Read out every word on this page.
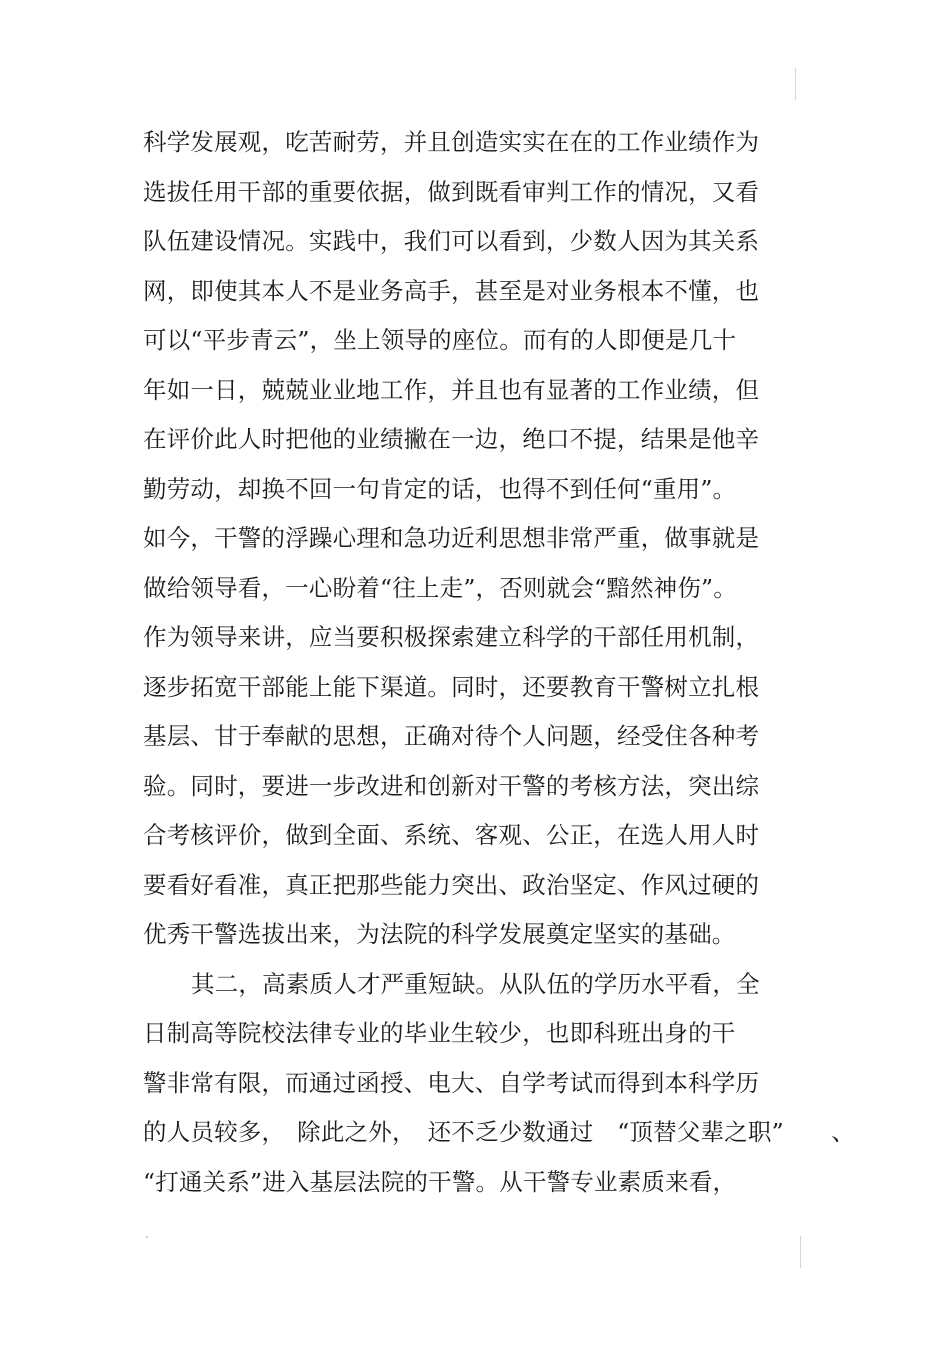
科学发展观，吃苦耐劳，并且创造实实在在的工作业绩作为
选拔任用干部的重要依据，做到既看审判工作的情况，又看
队伍建设情况。实践中，我们可以看到，少数人因为其关系
网，即使其本人不是业务高手，甚至是对业务根本不懂，也
可以“平步青云”，坐上领导的座位。而有的人即便是几十
年如一日，兢兢业业地工作，并且也有显著的工作业绩，但
在评价此人时把他的业绩撇在一边，绝口不提，结果是他辛
勤劳动，却换不回一句肯定的话，也得不到任何“重用”。
如今，干警的浮躁心理和急功近利思想非常严重，做事就是
做给领导看，一心盼着“往上走”，否则就会“黯然神伤”。
作为领导来讲，应当要积极探索建立科学的干部任用机制，
逐步拓宽干部能上能下渠道。同时，还要教育干警树立扎根
基层、甘于奉献的思想，正确对待个人问题，经受住各种考
验。同时，要进一步改进和创新对干警的考核方法，突出综
合考核评价，做到全面、系统、客观、公正，在选人用人时
要看好看准，真正把那些能力突出、政治坚定、作风过硬的
优秀干警选拔出来，为法院的科学发展奠定坚实的基础。
其二，高素质人才严重短缺。从队伍的学历水平看，全
日制高等院校法律专业的毕业生较少，也即科班出身的干
警非常有限，而通过函授、电大、自学考试而得到本科学历
的人员较多，　除此之外，　还不乏少数通过　“顶替父辈之职”　　、
“打通关系”进入基层法院的干警。从干警专业素质来看，
